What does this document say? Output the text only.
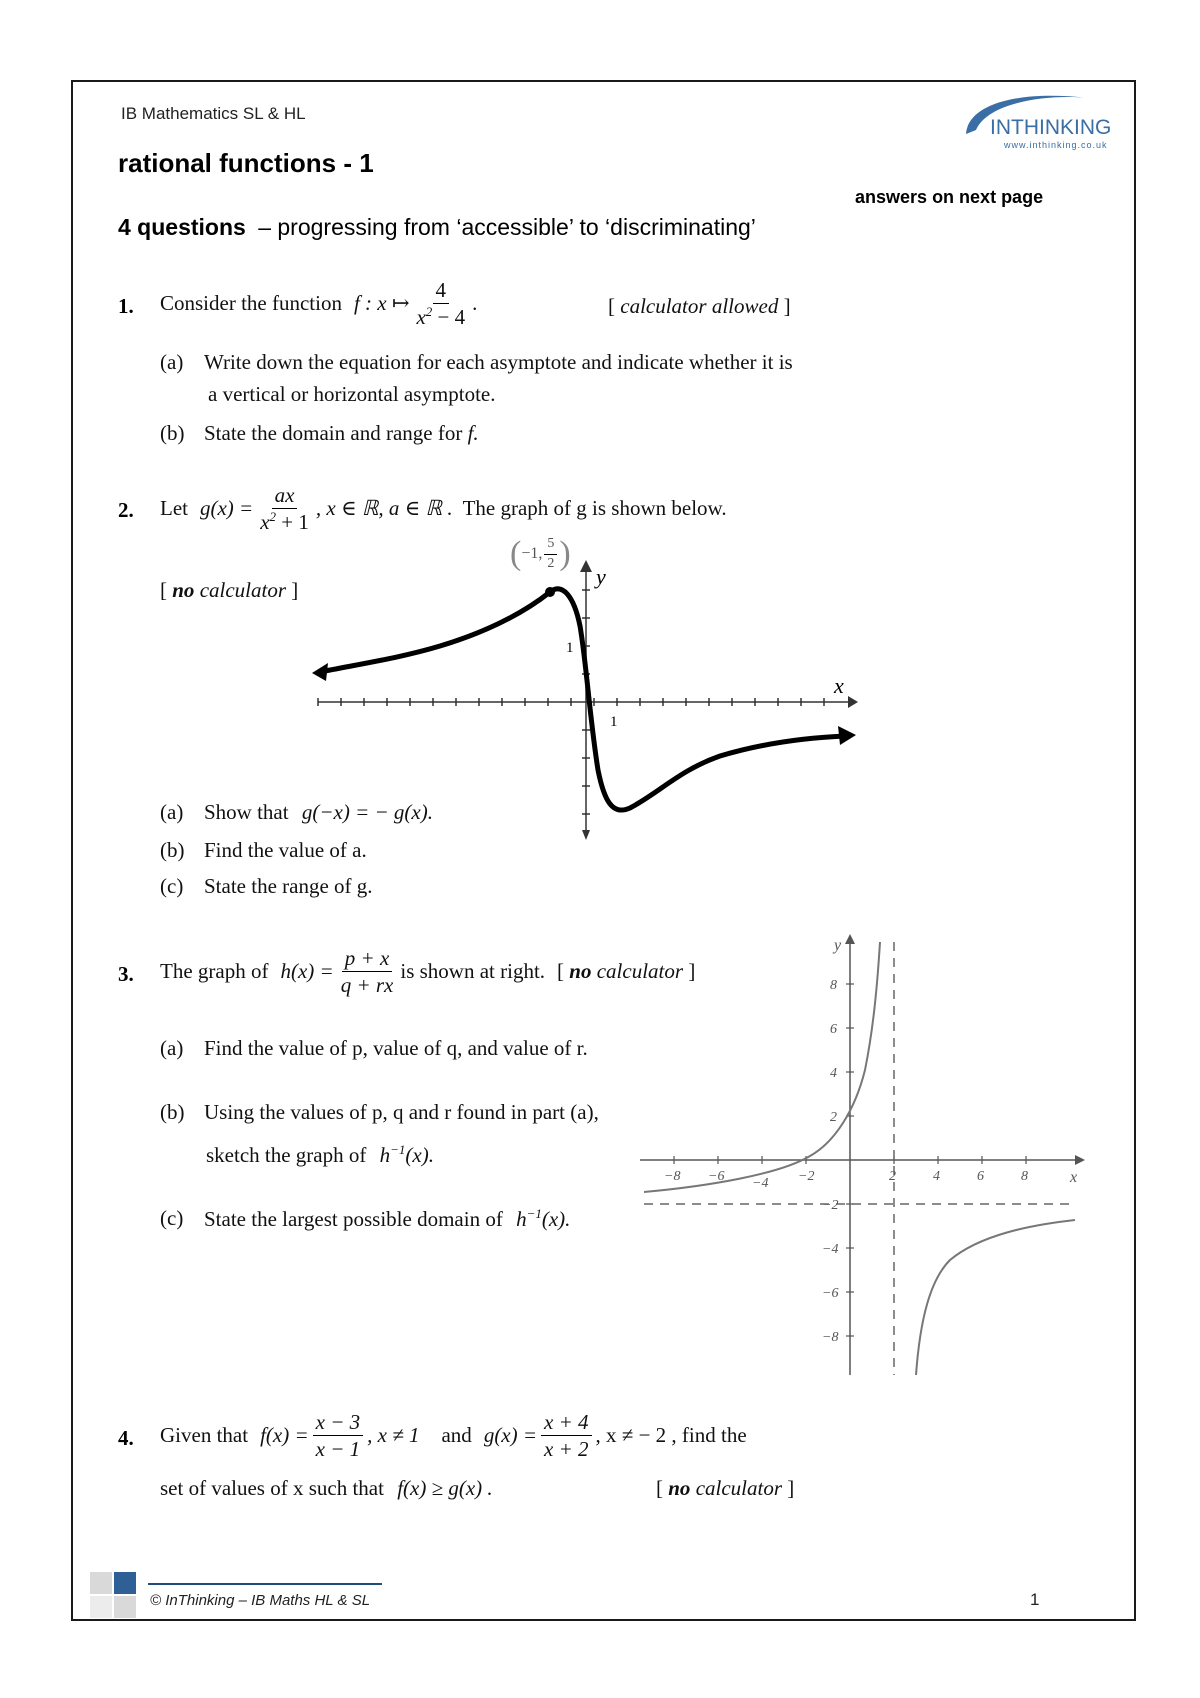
IB Mathematics SL & HL
rational functions - 1
answers on next page
4 questions – progressing from ‘accessible’ to ‘discriminating’
INTHINKING
www.inthinking.co.uk
1. Consider the function f : x ↦ $\frac{4}{x^2 - 4}$ .	[ calculator allowed ]
(a) Write down the equation for each asymptote and indicate whether it is
a vertical or horizontal asymptote.
(b) State the domain and range for f.
2. Let $g(x) = \frac{ax}{x^2 + 1}$ , x ∈ ℝ, a ∈ ℝ . The graph of g is shown below.
[ no calculator ]
x
y
1
1
( −1, $\frac{5}{2}$ )
(a) Show that g(−x) = − g(x).
(b) Find the value of a.
(c) State the range of g.
3. The graph of $h(x) = \frac{p + x}{q + rx}$ is shown at right. [ no calculator ]
(a) Find the value of p, value of q, and value of r.
(b) Using the values of p, q and r found in part (a),
sketch the graph of $h^{-1}(x)$.
(c) State the largest possible domain of $h^{-1}(x)$.
−8 −6 −4 −2	2	4	6	8
8
6
4
2
−2
−4
−6
−8
x
y
4. Given that $f(x) = \frac{x - 3}{x - 1}$ , x ≠ 1 and $g(x) = \frac{x + 4}{x + 2}$ , x ≠ − 2 , find the
set of values of x such that f(x) ≥ g(x) .	[ no calculator ]
© InThinking – IB Maths HL & SL	1
